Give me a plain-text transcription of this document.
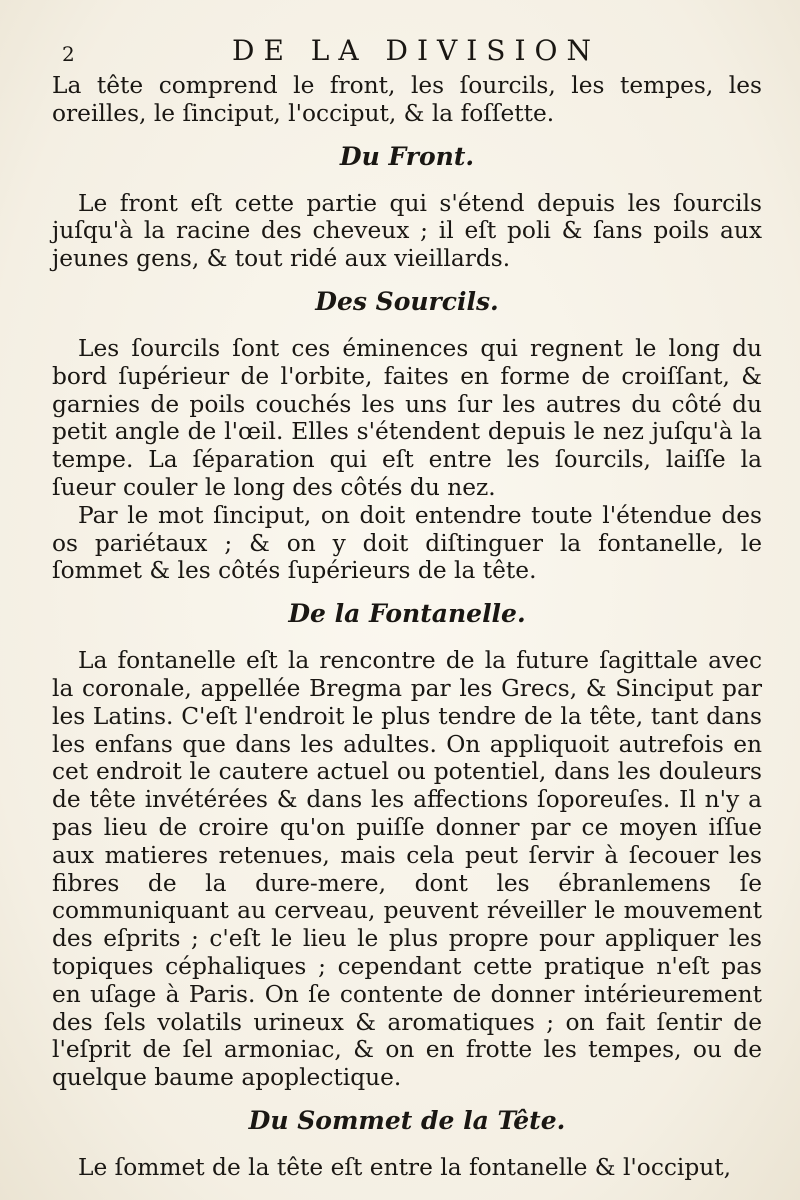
2	DE LA DIVISION

La tête comprend le front, les ſourcils, les tempes, les oreilles, le ſinciput, l'occiput, & la foſſette.

Du Front.

Le front eſt cette partie qui s'étend depuis les ſourcils juſqu'à la racine des cheveux ; il eſt poli & ſans poils aux jeunes gens, & tout ridé aux vieillards.

Des Sourcils.

Les ſourcils ſont ces éminences qui regnent le long du bord ſupérieur de l'orbite, faites en forme de croiſſant, & garnies de poils couchés les uns ſur les autres du côté du petit angle de l'œil. Elles s'étendent depuis le nez juſqu'à la tempe. La ſéparation qui eſt entre les ſourcils, laiſſe la ſueur couler le long des côtés du nez.

Par le mot ſinciput, on doit entendre toute l'étendue des os pariétaux ; & on y doit diſtinguer la fontanelle, le ſommet & les côtés ſupérieurs de la tête.

De la Fontanelle.

La fontanelle eſt la rencontre de la future ſagittale avec la coronale, appellée Bregma par les Grecs, & Sinciput par les Latins. C'eſt l'endroit le plus tendre de la tête, tant dans les enfans que dans les adultes. On appliquoit autrefois en cet endroit le cautere actuel ou potentiel, dans les douleurs de tête invétérées & dans les affections ſoporeuſes. Il n'y a pas lieu de croire qu'on puiſſe donner par ce moyen iſſue aux matieres retenues, mais cela peut ſervir à ſecouer les fibres de la dure-mere, dont les ébranlemens ſe communiquant au cerveau, peuvent réveiller le mouvement des eſprits ; c'eſt le lieu le plus propre pour appliquer les topiques céphaliques ; cependant cette pratique n'eſt pas en uſage à Paris. On ſe contente de donner intérieurement des ſels volatils urineux & aromatiques ; on fait ſentir de l'eſprit de ſel armoniac, & on en frotte les tempes, ou de quelque baume apoplectique.

Du Sommet de la Tête.

Le ſommet de la tête eſt entre la fontanelle & l'occiput,
